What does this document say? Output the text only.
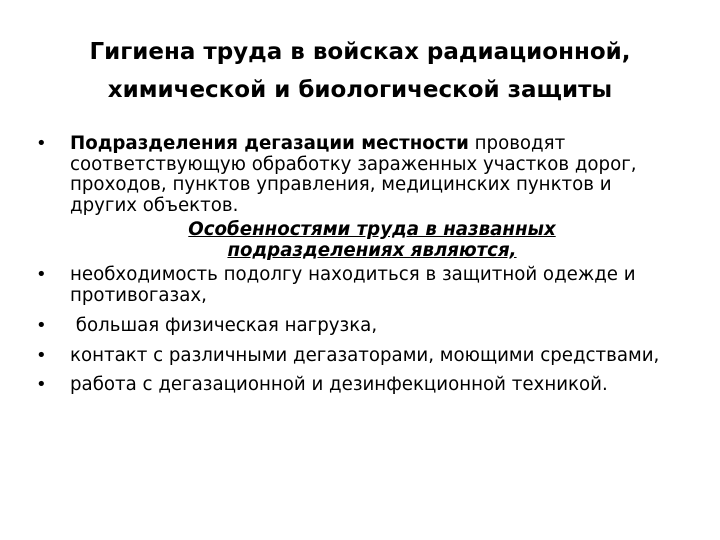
Гигиена труда в войсках радиационной, химической и биологической защиты
• Подразделения дегазации местности проводят соответствующую обработку зараженных участков дорог, проходов, пунктов управления, медицинских пунктов и других объектов.
Особенностями труда в названных подразделениях являются,
• необходимость подолгу находиться в защитной одежде и противогазах,
• большая физическая нагрузка,
• контакт с различными дегазаторами, моющими средствами,
• работа с дегазационной и дезинфекционной техникой.
